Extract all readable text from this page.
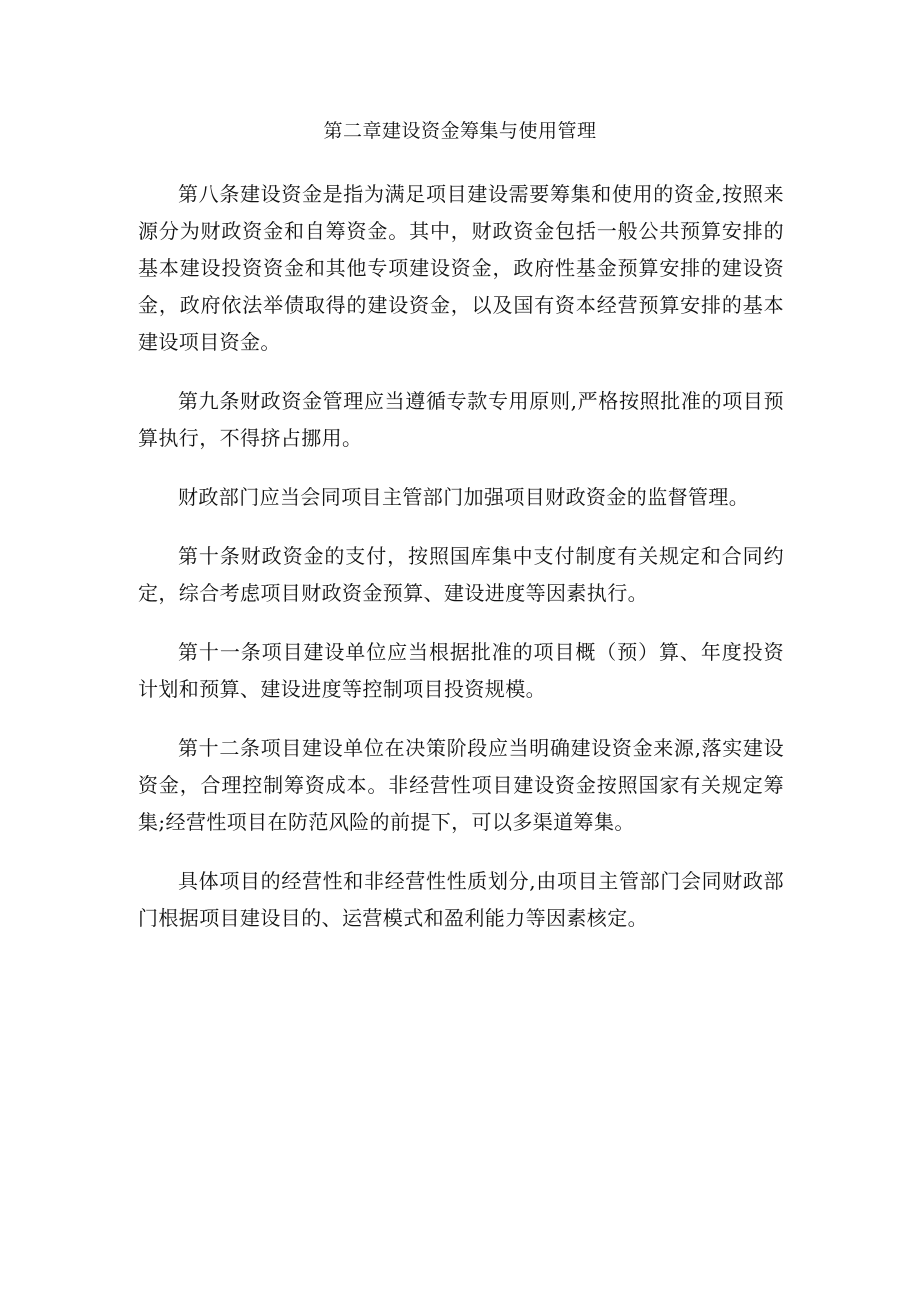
第二章建设资金筹集与使用管理

第八条建设资金是指为满足项目建设需要筹集和使用的资金,按照来源分为财政资金和自筹资金。其中，财政资金包括一般公共预算安排的基本建设投资资金和其他专项建设资金，政府性基金预算安排的建设资金，政府依法举债取得的建设资金，以及国有资本经营预算安排的基本建设项目资金。

第九条财政资金管理应当遵循专款专用原则,严格按照批准的项目预算执行，不得挤占挪用。

财政部门应当会同项目主管部门加强项目财政资金的监督管理。

第十条财政资金的支付，按照国库集中支付制度有关规定和合同约定，综合考虑项目财政资金预算、建设进度等因素执行。

第十一条项目建设单位应当根据批准的项目概（预）算、年度投资计划和预算、建设进度等控制项目投资规模。

第十二条项目建设单位在决策阶段应当明确建设资金来源,落实建设资金，合理控制筹资成本。非经营性项目建设资金按照国家有关规定筹集;经营性项目在防范风险的前提下，可以多渠道筹集。

具体项目的经营性和非经营性性质划分,由项目主管部门会同财政部门根据项目建设目的、运营模式和盈利能力等因素核定。
